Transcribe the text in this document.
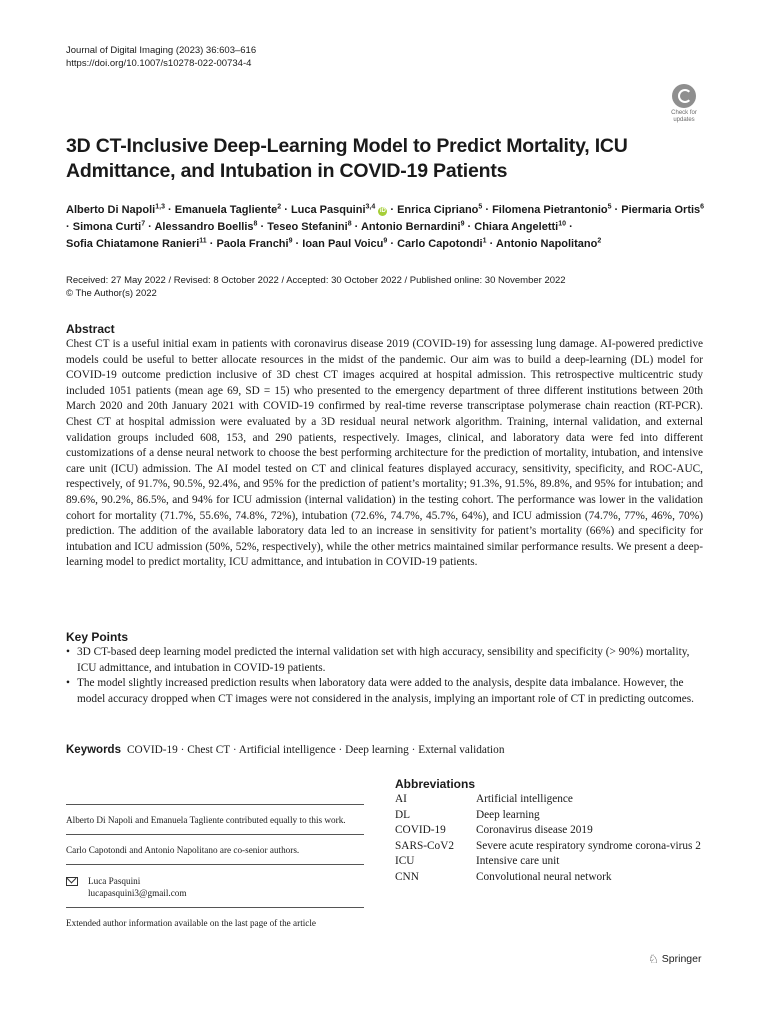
Journal of Digital Imaging (2023) 36:603–616
https://doi.org/10.1007/s10278-022-00734-4
Check for
updates
3D CT-Inclusive Deep-Learning Model to Predict Mortality, ICU Admittance, and Intubation in COVID-19 Patients
Alberto Di Napoli$^{1,3}$ · Emanuela Tagliente$^2$ · Luca Pasquini$^{3,4}$ iD · Enrica Cipriano$^5$ · Filomena Pietrantonio$^5$ · Piermaria Ortis$^6$ · Simona Curti$^7$ · Alessandro Boellis$^8$ · Teseo Stefanini$^8$ · Antonio Bernardini$^9$ · Chiara Angeletti$^{10}$ · Sofia Chiatamone Ranieri$^{11}$ · Paola Franchi$^9$ · Ioan Paul Voicu$^9$ · Carlo Capotondi$^1$ · Antonio Napolitano$^2$
Received: 27 May 2022 / Revised: 8 October 2022 / Accepted: 30 October 2022 / Published online: 30 November 2022
© The Author(s) 2022
Abstract

Chest CT is a useful initial exam in patients with coronavirus disease 2019 (COVID-19) for assessing lung damage. AI-powered predictive models could be useful to better allocate resources in the midst of the pandemic. Our aim was to build a deep-learning (DL) model for COVID-19 outcome prediction inclusive of 3D chest CT images acquired at hospital admission. This retrospective multicentric study included 1051 patients (mean age 69, SD = 15) who presented to the emergency department of three different institutions between 20th March 2020 and 20th January 2021 with COVID-19 confirmed by real-time reverse transcriptase polymerase chain reaction (RT-PCR). Chest CT at hospital admission were evaluated by a 3D residual neural network algorithm. Training, internal validation, and external validation groups included 608, 153, and 290 patients, respectively. Images, clinical, and laboratory data were fed into different customizations of a dense neural network to choose the best performing architecture for the prediction of mortality, intubation, and intensive care unit (ICU) admission. The AI model tested on CT and clinical features displayed accuracy, sensitivity, specificity, and ROC-AUC, respectively, of 91.7%, 90.5%, 92.4%, and 95% for the prediction of patient’s mortality; 91.3%, 91.5%, 89.8%, and 95% for intubation; and 89.6%, 90.2%, 86.5%, and 94% for ICU admission (internal validation) in the testing cohort. The performance was lower in the validation cohort for mortality (71.7%, 55.6%, 74.8%, 72%), intubation (72.6%, 74.7%, 45.7%, 64%), and ICU admission (74.7%, 77%, 46%, 70%) prediction. The addition of the available laboratory data led to an increase in sensitivity for patient’s mortality (66%) and specificity for intubation and ICU admission (50%, 52%, respectively), while the other metrics maintained similar performance results. We present a deep-learning model to predict mortality, ICU admittance, and intubation in COVID-19 patients.

Key Points
• 3D CT-based deep learning model predicted the internal validation set with high accuracy, sensibility and specificity (> 90%) mortality, ICU admittance, and intubation in COVID-19 patients.
• The model slightly increased prediction results when laboratory data were added to the analysis, despite data imbalance. However, the model accuracy dropped when CT images were not considered in the analysis, implying an important role of CT in predicting outcomes.
Keywords COVID-19 · Chest CT · Artificial intelligence · Deep learning · External validation
Alberto Di Napoli and Emanuela Tagliente contributed equally to this work.
Carlo Capotondi and Antonio Napolitano are co-senior authors.
Luca Pasquini
lucapasquini3@gmail.com
Extended author information available on the last page of the article
Abbreviations
AI	Artificial intelligence
DL	Deep learning
COVID-19	Coronavirus disease 2019
SARS-CoV2	Severe acute respiratory syndrome corona-virus 2
ICU	Intensive care unit
CNN	Convolutional neural network
♘ Springer
